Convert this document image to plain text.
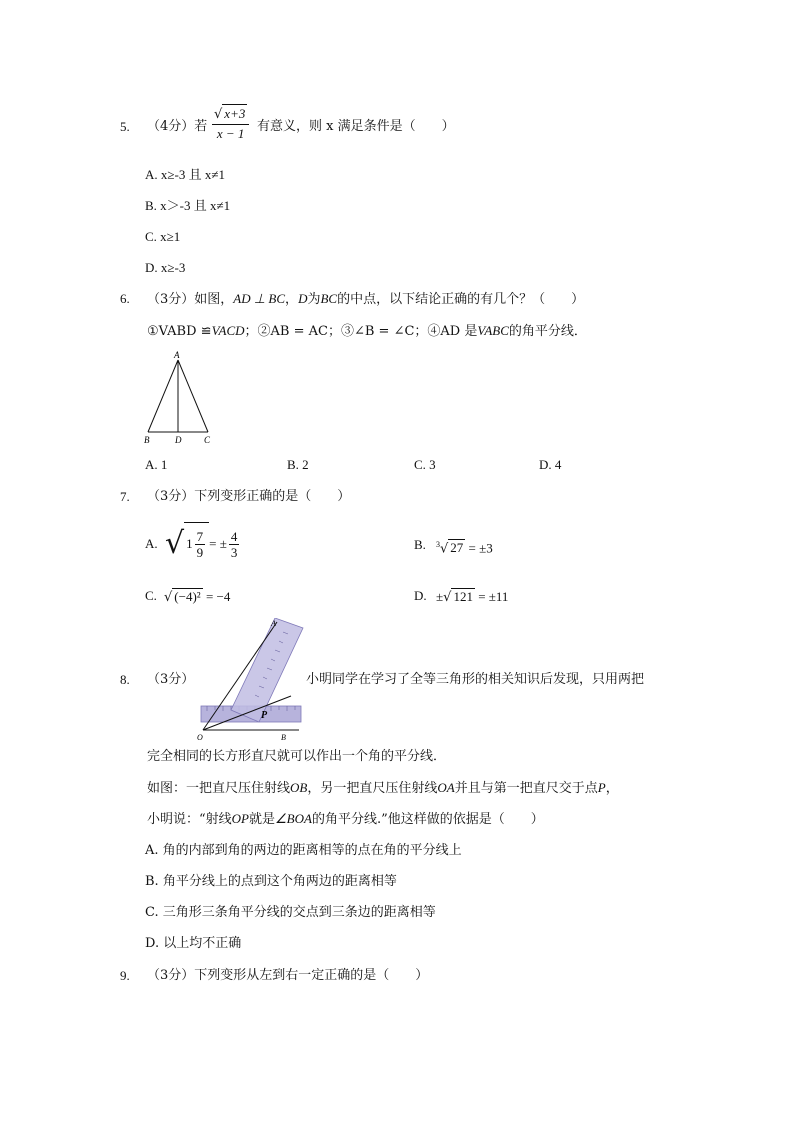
5. （4分）若
√ x+3
x − 1 有意义，则 x 满足条件是（　　）
A. x≥-3 且 x≠1
B. x＞-3 且 x≠1
C. x≥1
D. x≥-3
6. （3分）如图，AD ⊥ BC，D为BC的中点，以下结论正确的有几个？（　　）
①VABD ≌VACD；②AB = AC；③∠B = ∠C；④AD 是VABC的角平分线．
A
B	D	C
A. 1	B. 2	C. 3	D. 4
7. （3分）下列变形正确的是（　　）
A. √ $1 \frac{7}{9}$ = ± $\frac{4}{3}$	B. $^3$√ 27 = ±3
C. √ (−4)² = −4	D. ±√ 121 = ±11
8. （3分）
A
O	B
P
小明同学在学习了全等三角形的相关知识后发现，只用两把
完全相同的长方形直尺就可以作出一个角的平分线．
如图：一把直尺压住射线OB，另一把直尺压住射线OA并且与第一把直尺交于点P，
小明说：“射线OP就是∠BOA的角平分线.”他这样做的依据是（　　）
A. 角的内部到角的两边的距离相等的点在角的平分线上
B. 角平分线上的点到这个角两边的距离相等
C. 三角形三条角平分线的交点到三条边的距离相等
D. 以上均不正确
9. （3分）下列变形从左到右一定正确的是（　　）
